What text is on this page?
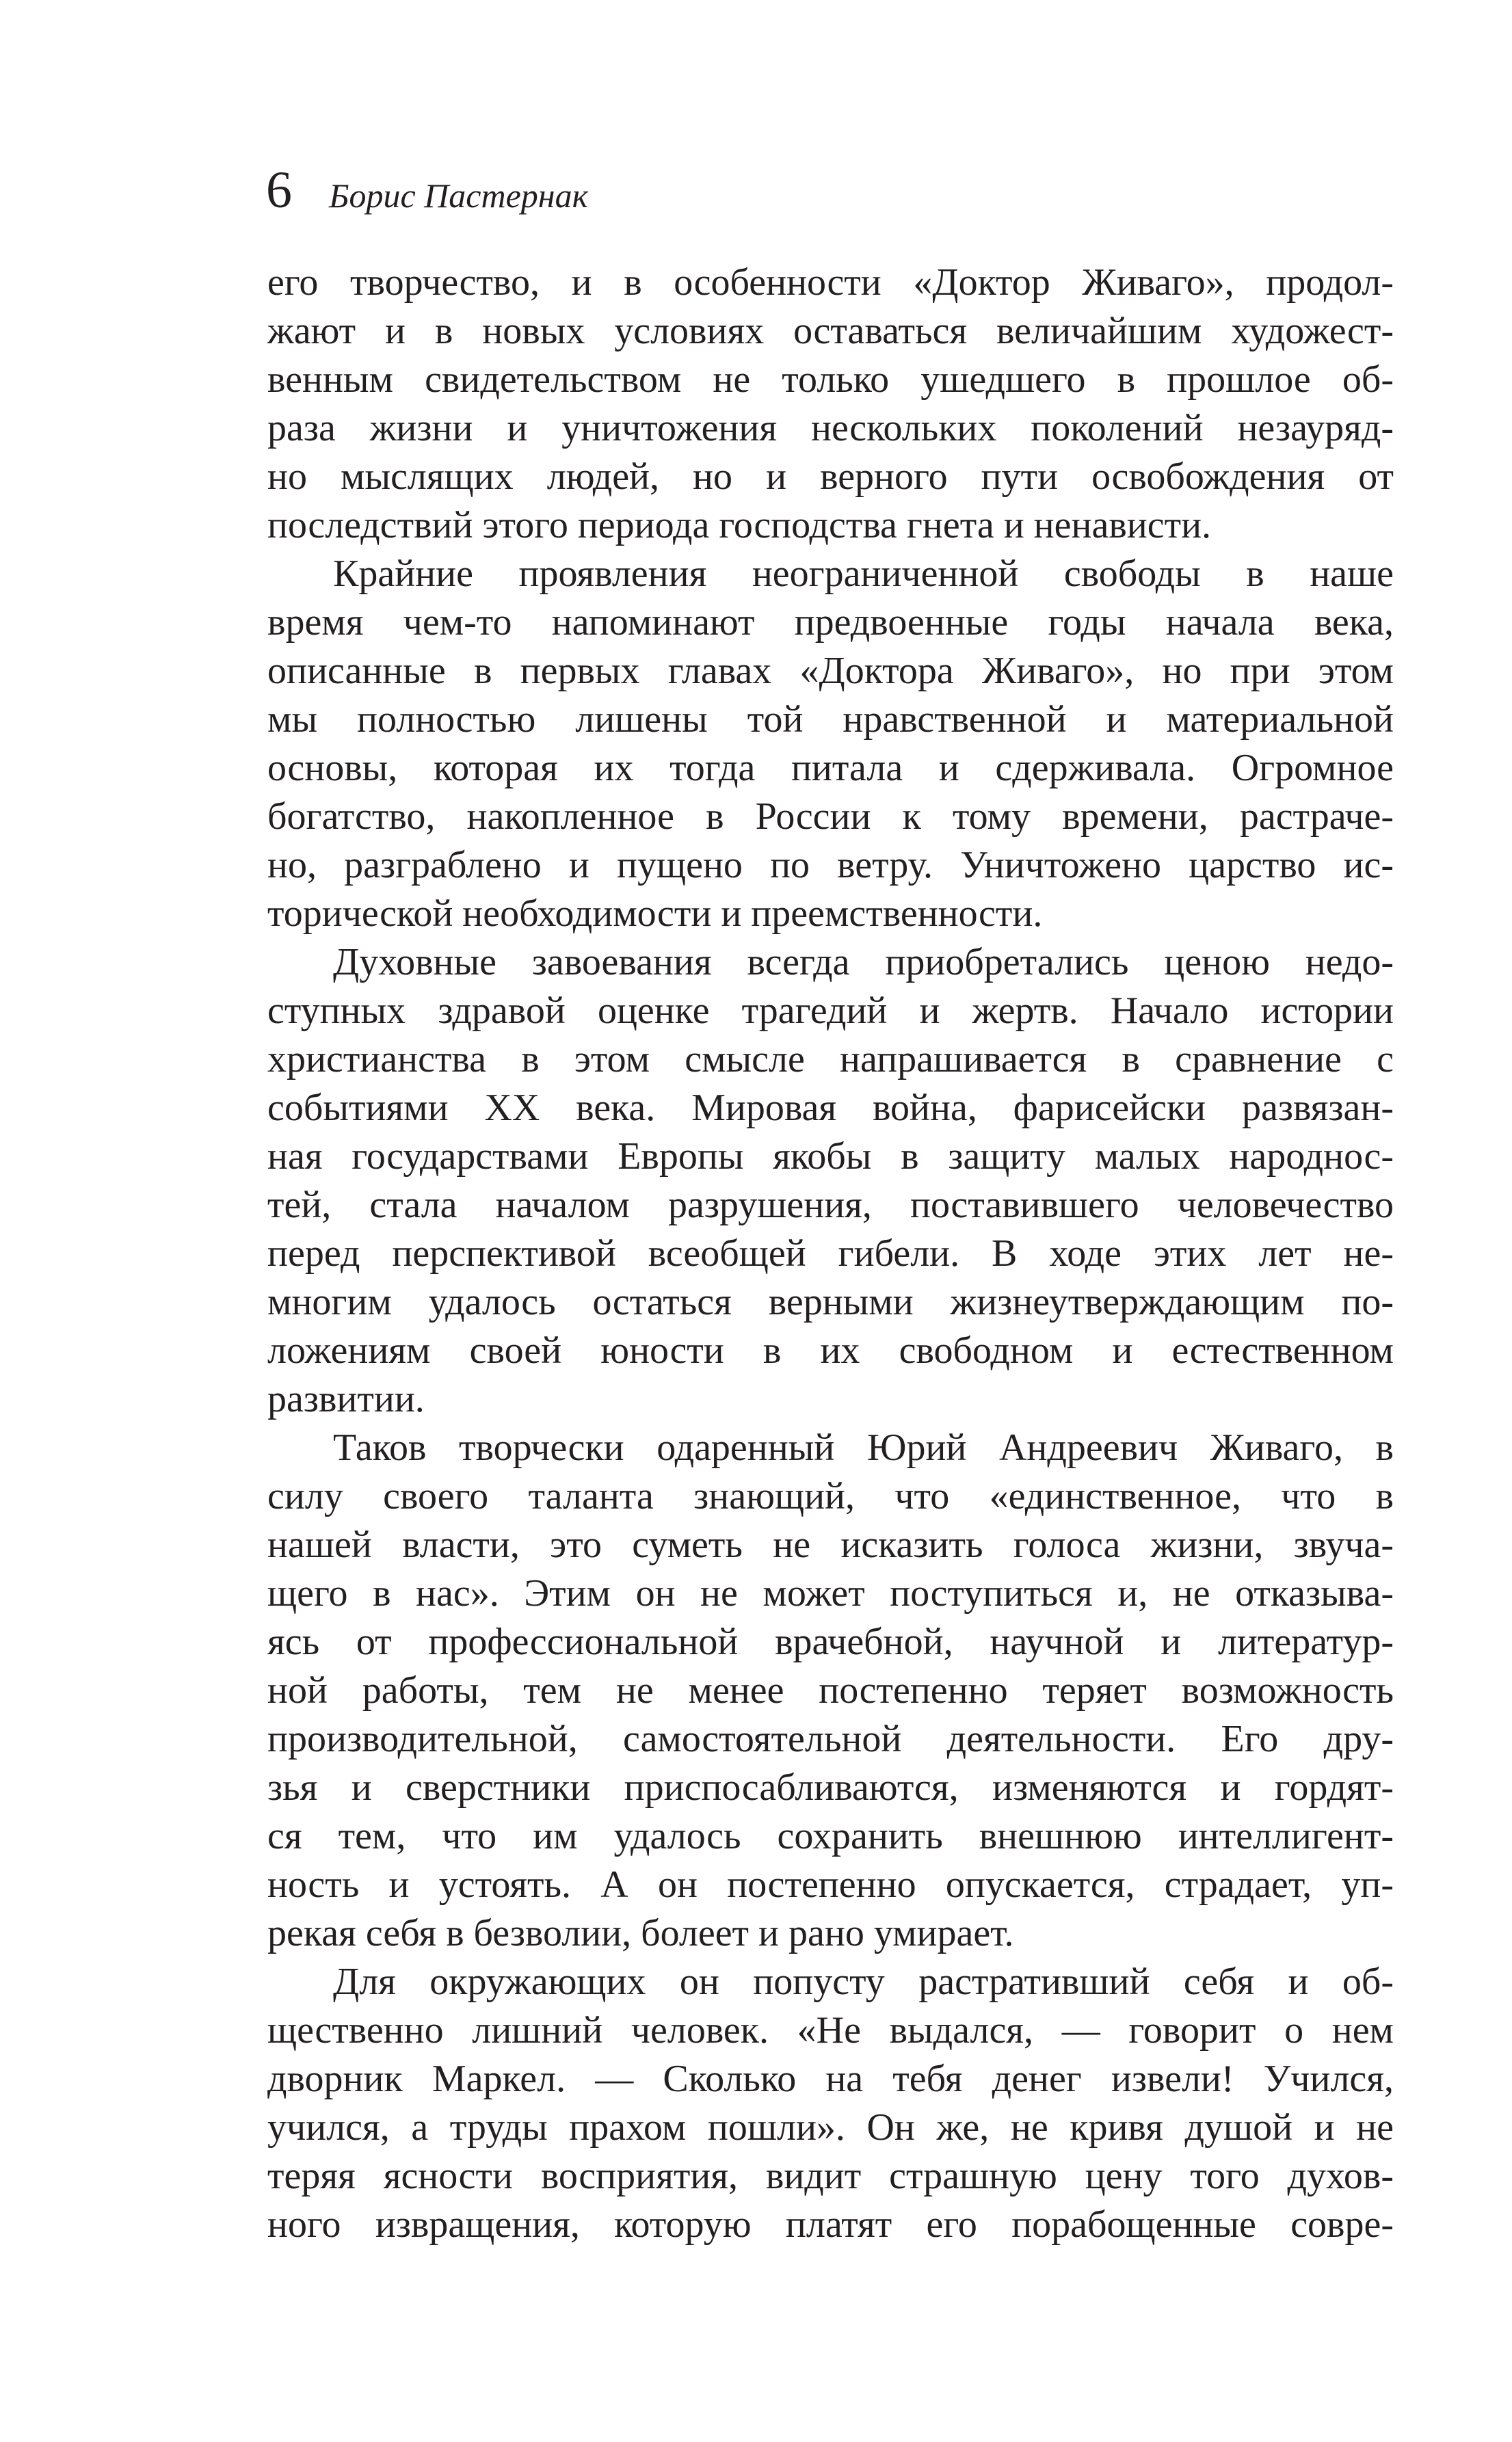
6 Борис Пастернак
его творчество, и в особенности «Доктор Живаго», продол-
жают и в новых условиях оставаться величайшим художест-
венным свидетельством не только ушедшего в прошлое об-
раза жизни и уничтожения нескольких поколений незауряд-
но мыслящих людей, но и верного пути освобождения от
последствий этого периода господства гнета и ненависти.
Крайние проявления неограниченной свободы в наше
время чем-то напоминают предвоенные годы начала века,
описанные в первых главах «Доктора Живаго», но при этом
мы полностью лишены той нравственной и материальной
основы, которая их тогда питала и сдерживала. Огромное
богатство, накопленное в России к тому времени, растраче-
но, разграблено и пущено по ветру. Уничтожено царство ис-
торической необходимости и преемственности.
Духовные завоевания всегда приобретались ценою недо-
ступных здравой оценке трагедий и жертв. Начало истории
христианства в этом смысле напрашивается в сравнение с
событиями XX века. Мировая война, фарисейски развязан-
ная государствами Европы якобы в защиту малых народнос-
тей, стала началом разрушения, поставившего человечество
перед перспективой всеобщей гибели. В ходе этих лет не-
многим удалось остаться верными жизнеутверждающим по-
ложениям своей юности в их свободном и естественном
развитии.
Таков творчески одаренный Юрий Андреевич Живаго, в
силу своего таланта знающий, что «единственное, что в
нашей власти, это суметь не исказить голоса жизни, звуча-
щего в нас». Этим он не может поступиться и, не отказыва-
ясь от профессиональной врачебной, научной и литератур-
ной работы, тем не менее постепенно теряет возможность
производительной, самостоятельной деятельности. Его дру-
зья и сверстники приспосабливаются, изменяются и гордят-
ся тем, что им удалось сохранить внешнюю интеллигент-
ность и устоять. А он постепенно опускается, страдает, уп-
рекая себя в безволии, болеет и рано умирает.
Для окружающих он попусту растративший себя и об-
щественно лишний человек. «Не выдался, — говорит о нем
дворник Маркел. — Сколько на тебя денег извели! Учился,
учился, а труды прахом пошли». Он же, не кривя душой и не
теряя ясности восприятия, видит страшную цену того духов-
ного извращения, которую платят его порабощенные совре-
